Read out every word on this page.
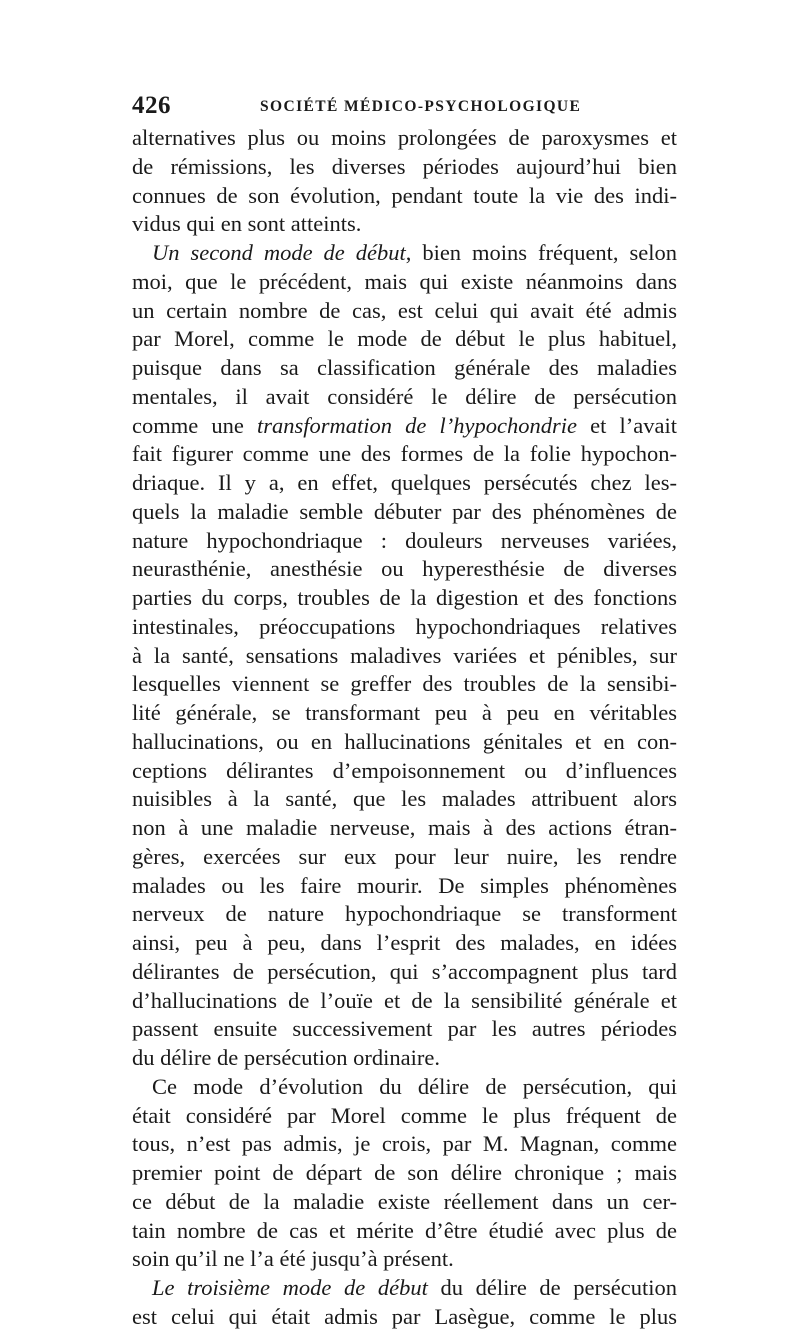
426	SOCIÉTÉ MÉDICO-PSYCHOLOGIQUE
alternatives plus ou moins prolongées de paroxysmes et
de rémissions, les diverses périodes aujourd’hui bien
connues de son évolution, pendant toute la vie des indi-
vidus qui en sont atteints.
Un second mode de début, bien moins fréquent, selon
moi, que le précédent, mais qui existe néanmoins dans
un certain nombre de cas, est celui qui avait été admis
par Morel, comme le mode de début le plus habituel,
puisque dans sa classification générale des maladies
mentales, il avait considéré le délire de persécution
comme une transformation de l’hypochondrie et l’avait
fait figurer comme une des formes de la folie hypochon-
driaque. Il y a, en effet, quelques persécutés chez les-
quels la maladie semble débuter par des phénomènes de
nature hypochondriaque : douleurs nerveuses variées,
neurasthénie, anesthésie ou hyperesthésie de diverses
parties du corps, troubles de la digestion et des fonctions
intestinales, préoccupations hypochondriaques relatives
à la santé, sensations maladives variées et pénibles, sur
lesquelles viennent se greffer des troubles de la sensibi-
lité générale, se transformant peu à peu en véritables
hallucinations, ou en hallucinations génitales et en con-
ceptions délirantes d’empoisonnement ou d’influences
nuisibles à la santé, que les malades attribuent alors
non à une maladie nerveuse, mais à des actions étran-
gères, exercées sur eux pour leur nuire, les rendre
malades ou les faire mourir. De simples phénomènes
nerveux de nature hypochondriaque se transforment
ainsi, peu à peu, dans l’esprit des malades, en idées
délirantes de persécution, qui s’accompagnent plus tard
d’hallucinations de l’ouïe et de la sensibilité générale et
passent ensuite successivement par les autres périodes
du délire de persécution ordinaire.
Ce mode d’évolution du délire de persécution, qui
était considéré par Morel comme le plus fréquent de
tous, n’est pas admis, je crois, par M. Magnan, comme
premier point de départ de son délire chronique ; mais
ce début de la maladie existe réellement dans un cer-
tain nombre de cas et mérite d’être étudié avec plus de
soin qu’il ne l’a été jusqu’à présent.
Le troisième mode de début du délire de persécution
est celui qui était admis par Lasègue, comme le plus
